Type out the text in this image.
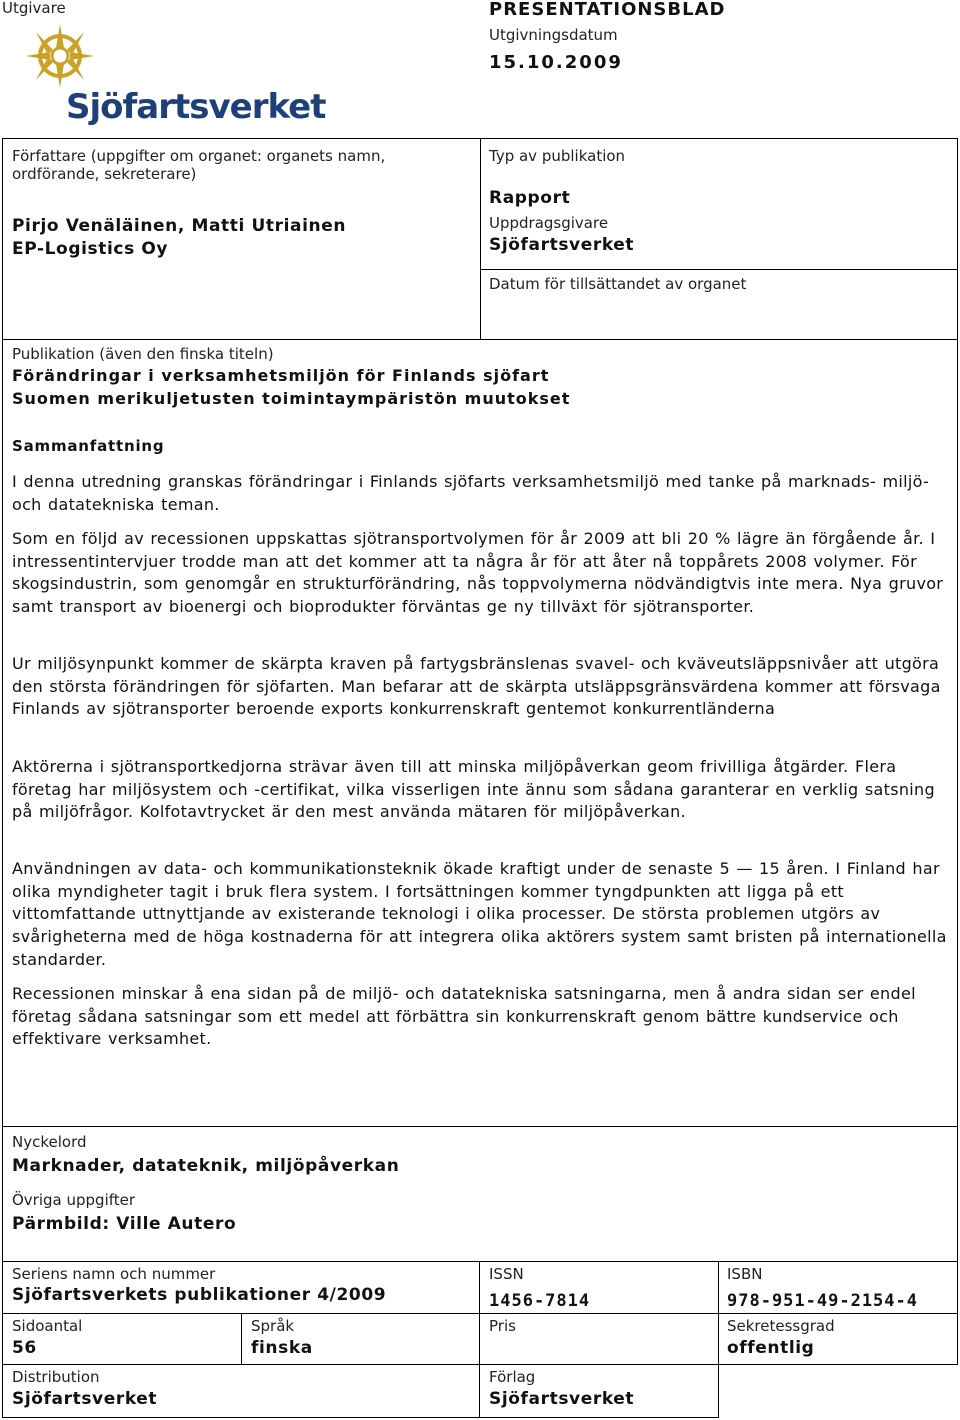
Utgivare
Sjöfartsverket
PRESENTATIONSBLAD
Utgivningsdatum
15.10.2009
Författare (uppgifter om organet: organets namn,
ordförande, sekreterare)
Pirjo Venäläinen, Matti Utriainen
EP-Logistics Oy
Typ av publikation
Rapport
Uppdragsgivare
Sjöfartsverket
Datum för tillsättandet av organet
Publikation (även den finska titeln)
Förändringar i verksamhetsmiljön för Finlands sjöfart
Suomen merikuljetusten toimintaympäristön muutokset
Sammanfattning

I denna utredning granskas förändringar i Finlands sjöfarts verksamhetsmiljö med tanke på marknads- miljö- och datatekniska teman.

Som en följd av recessionen uppskattas sjötransportvolymen för år 2009 att bli 20 % lägre än förgående år. I intressentintervjuer trodde man att det kommer att ta några år för att åter nå toppårets 2008 volymer. För skogsindustrin, som genomgår en strukturförändring, nås toppvolymerna nödvändigtvis inte mera. Nya gruvor samt transport av bioenergi och bioprodukter förväntas ge ny tillväxt för sjötransporter.

Ur miljösynpunkt kommer de skärpta kraven på fartygsbränslenas svavel- och kväveutsläppsnivåer att utgöra den största förändringen för sjöfarten. Man befarar att de skärpta utsläppsgränsvärdena kommer att försvaga Finlands av sjötransporter beroende exports konkurrenskraft gentemot konkurrentländerna

Aktörerna i sjötransportkedjorna strävar även till att minska miljöpåverkan geom frivilliga åtgärder. Flera företag har miljösystem och -certifikat, vilka visserligen inte ännu som sådana garanterar en verklig satsning på miljöfrågor. Kolfotavtrycket är den mest använda mätaren för miljöpåverkan.

Användningen av data- och kommunikationsteknik ökade kraftigt under de senaste 5 — 15 åren. I Finland har olika myndigheter tagit i bruk flera system. I fortsättningen kommer tyngdpunkten att ligga på ett vittomfattande uttnyttjande av existerande teknologi i olika processer. De största problemen utgörs av svårigheterna med de höga kostnaderna för att integrera olika aktörers system samt bristen på internationella standarder.

Recessionen minskar å ena sidan på de miljö- och datatekniska satsningarna, men å andra sidan ser endel företag sådana satsningar som ett medel att förbättra sin konkurrenskraft genom bättre kundservice och effektivare verksamhet.

Nyckelord
Marknader, datateknik, miljöpåverkan
Övriga uppgifter
Pärmbild: Ville Autero
Seriens namn och nummer
Sjöfartsverkets publikationer 4/2009
ISSN
1456-7814
ISBN
978-951-49-2154-4
Sidoantal
56
Språk
finska
Pris	Sekretessgrad
offentlig
Distribution
Sjöfartsverket
Förlag
Sjöfartsverket
